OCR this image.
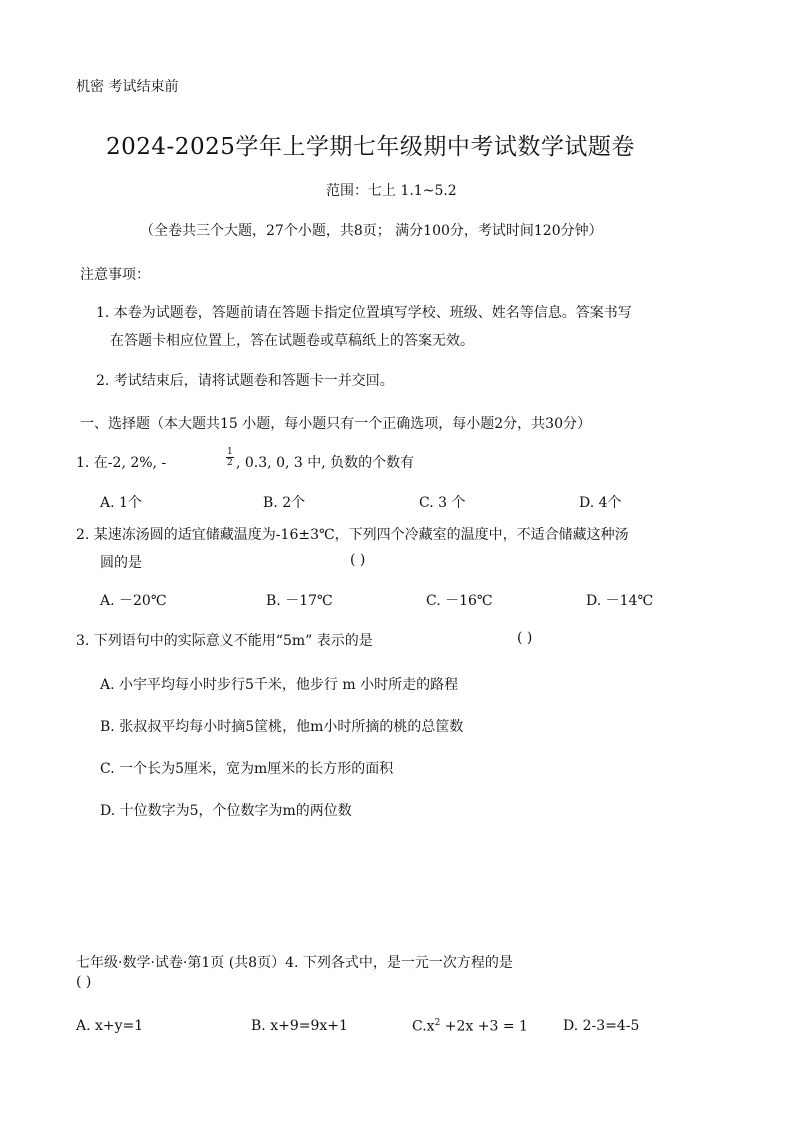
机密 考试结束前
2024-2025学年上学期七年级期中考试数学试题卷
范围：七上 1.1~5.2
（全卷共三个大题，27个小题，共8页； 满分100分，考试时间120分钟）
注意事项：
1. 本卷为试题卷，答题前请在答题卡指定位置填写学校、班级、姓名等信息。答案书写
在答题卡相应位置上，答在试题卷或草稿纸上的答案无效。
2. 考试结束后，请将试题卷和答题卡一并交回。
一、选择题（本大题共15 小题，每小题只有一个正确选项，每小题2分，共30分）
1. 在-2, 2%, -	$\frac{1}{2}$ , 0.3, 0, 3 中, 负数的个数有
A. 1个	B. 2个	C. 3 个	D. 4个
2. 某速冻汤圆的适宜储藏温度为-16±3℃，下列四个冷藏室的温度中，不适合储藏这种汤
圆的是	( )
A. －20℃	B. －17℃	C. －16℃	D. －14℃
3. 下列语句中的实际意义不能用“5m” 表示的是	( )
A. 小宇平均每小时步行5千米，他步行 m 小时所走的路程
B. 张叔叔平均每小时摘5筐桃，他m小时所摘的桃的总筐数
C. 一个长为5厘米，宽为m厘米的长方形的面积
D. 十位数字为5，个位数字为m的两位数
七年级·数学·试卷·第1页 (共8页）4. 下列各式中，是一元一次方程的是
( )
A. x+y=1	B. x+9=9x+1	$C.x^2 +2x +3 = 1$	D. 2-3=4-5
